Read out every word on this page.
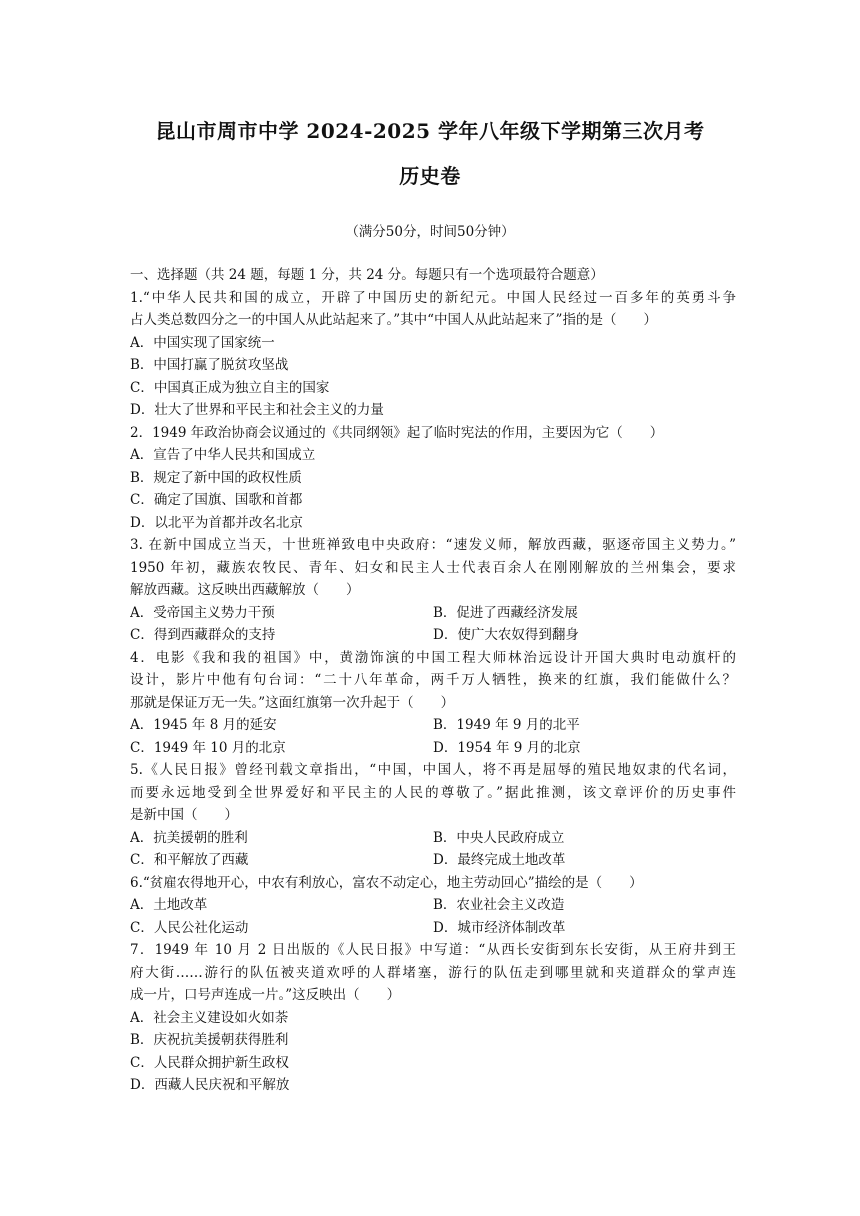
昆山市周市中学 2024-2025 学年八年级下学期第三次月考
历史卷
（满分50分，时间50分钟）
一、选择题（共 24 题，每题 1 分，共 24 分。每题只有一个选项最符合题意）
1.“中华人民共和国的成立，开辟了中国历史的新纪元。中国人民经过一百多年的英勇斗争
占人类总数四分之一的中国人从此站起来了。”其中“中国人从此站起来了”指的是（　　）
A．中国实现了国家统一
B．中国打赢了脱贫攻坚战
C．中国真正成为独立自主的国家
D．壮大了世界和平民主和社会主义的力量
2．1949 年政治协商会议通过的《共同纲领》起了临时宪法的作用，主要因为它（　　）
A．宣告了中华人民共和国成立
B．规定了新中国的政权性质
C．确定了国旗、国歌和首都
D．以北平为首都并改名北京
3. 在新中国成立当天，十世班禅致电中央政府：“速发义师，解放西藏，驱逐帝国主义势力。”
1950 年初，藏族农牧民、青年、妇女和民主人士代表百余人在刚刚解放的兰州集会，要求
解放西藏。这反映出西藏解放（　　）
A．受帝国主义势力干预	B．促进了西藏经济发展
C．得到西藏群众的支持	D．使广大农奴得到翻身
4．电影《我和我的祖国》中，黄渤饰演的中国工程大师林治远设计开国大典时电动旗杆的
设计，影片中他有句台词：“二十八年革命，两千万人牺牲，换来的红旗，我们能做什么？
那就是保证万无一失。”这面红旗第一次升起于（　　）
A．1945 年 8 月的延安	B．1949 年 9 月的北平
C．1949 年 10 月的北京	D．1954 年 9 月的北京
5.《人民日报》曾经刊载文章指出，“中国，中国人，将不再是屈辱的殖民地奴隶的代名词，
而要永远地受到全世界爱好和平民主的人民的尊敬了。”据此推测，该文章评价的历史事件
是新中国（　　）
A．抗美援朝的胜利	B．中央人民政府成立
C．和平解放了西藏	D．最终完成土地改革
6.“贫雇农得地开心，中农有利放心，富农不动定心，地主劳动回心”描绘的是（　　）
A．土地改革	B．农业社会主义改造
C．人民公社化运动	D．城市经济体制改革
7．1949 年 10 月 2 日出版的《人民日报》中写道：“从西长安街到东长安街，从王府井到王
府大街……游行的队伍被夹道欢呼的人群堵塞，游行的队伍走到哪里就和夹道群众的掌声连
成一片，口号声连成一片。”这反映出（　　）
A．社会主义建设如火如荼
B．庆祝抗美援朝获得胜利
C．人民群众拥护新生政权
D．西藏人民庆祝和平解放
